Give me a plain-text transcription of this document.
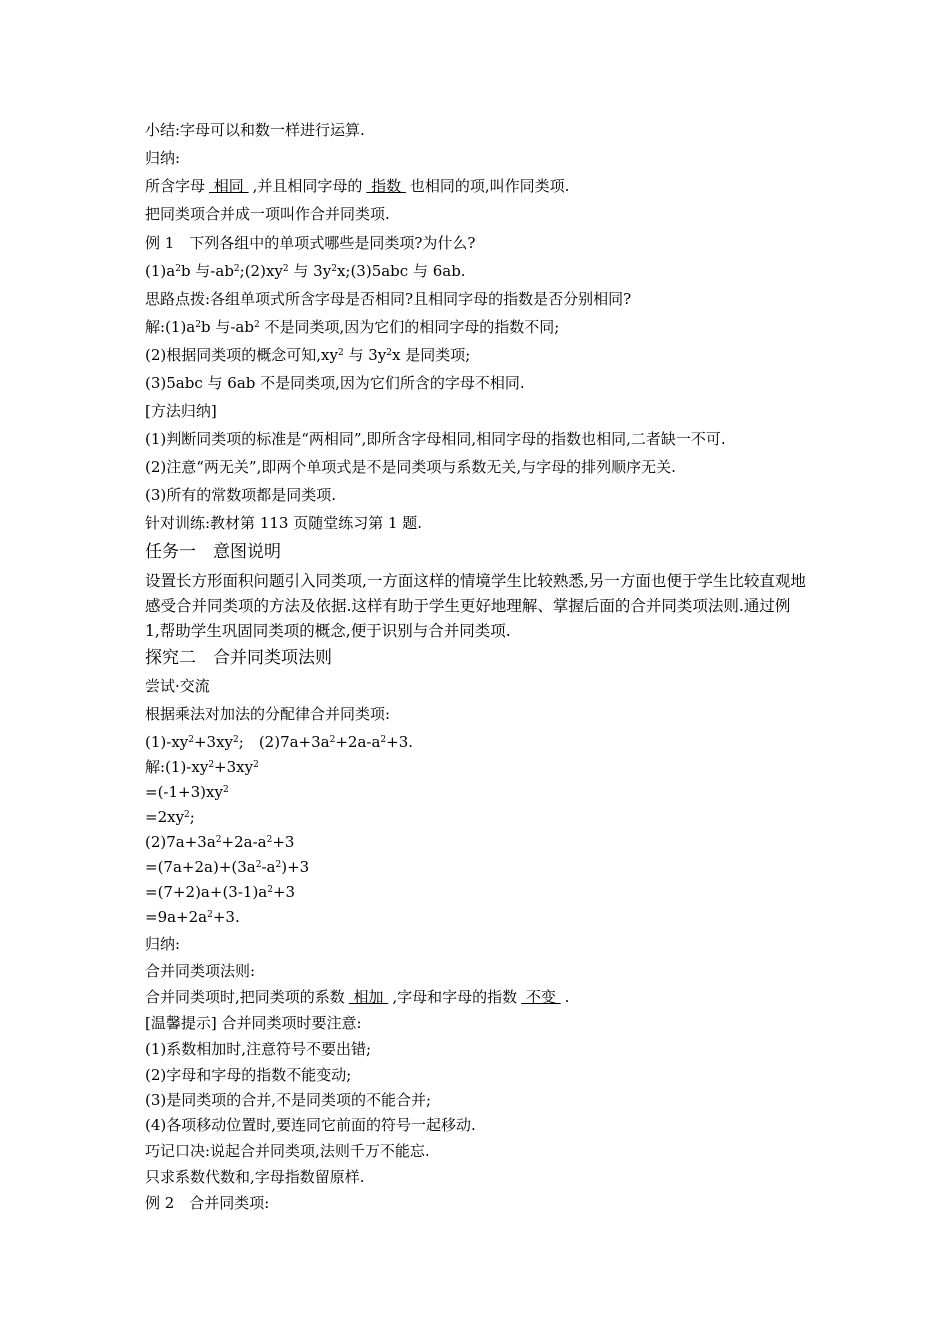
小结:字母可以和数一样进行运算.
归纳:
所含字母 相同 ,并且相同字母的 指数 也相同的项,叫作同类项.
把同类项合并成一项叫作合并同类项.
例 1　下列各组中的单项式哪些是同类项?为什么?
$(1)a^2b$ 与$-ab^2;(2)xy^2$ 与 $3y^2x;(3)5abc$ 与 6ab.
思路点拨:各组单项式所含字母是否相同?且相同字母的指数是否分别相同?
解$:(1)a^2b$ 与$-ab^2$ 不是同类项,因为它们的相同字母的指数不同;
(2)根据同类项的概念可知$,xy^2$ 与 $3y^2x$ 是同类项;
(3)5abc 与 6ab 不是同类项,因为它们所含的字母不相同.
[方法归纳]
(1)判断同类项的标准是“两相同”,即所含字母相同,相同字母的指数也相同,二者缺一不可.
(2)注意“两无关”,即两个单项式是不是同类项与系数无关,与字母的排列顺序无关.
(3)所有的常数项都是同类项.
针对训练:教材第 113 页随堂练习第 1 题.
任务一　意图说明
设置长方形面积问题引入同类项,一方面这样的情境学生比较熟悉,另一方面也便于学生比较直观地感受合并同类项的方法及依据.这样有助于学生更好地理解、掌握后面的合并同类项法则.通过例 1,帮助学生巩固同类项的概念,便于识别与合并同类项.
探究二　合并同类项法则
尝试·交流
根据乘法对加法的分配律合并同类项:
$(1)-xy^2+3xy^2$;　$(2)7a+3a^2+2a-a^2+3$.
解$:(1)-xy^2+3xy^2$
$=(-1+3)xy^2$
$=2xy^2$;
$(2)7a+3a^2+2a-a^2+3$
$=(7a+2a)+(3a^2-a^2)+3$
$=(7+2)a+(3-1)a^2+3$
$=9a+2a^2+3$.
归纳:
合并同类项法则:
合并同类项时,把同类项的系数 相加 ,字母和字母的指数 不变 .
[温馨提示] 合并同类项时要注意:
(1)系数相加时,注意符号不要出错;
(2)字母和字母的指数不能变动;
(3)是同类项的合并,不是同类项的不能合并;
(4)各项移动位置时,要连同它前面的符号一起移动.
巧记口决:说起合并同类项,法则千万不能忘.
只求系数代数和,字母指数留原样.
例 2　合并同类项:
